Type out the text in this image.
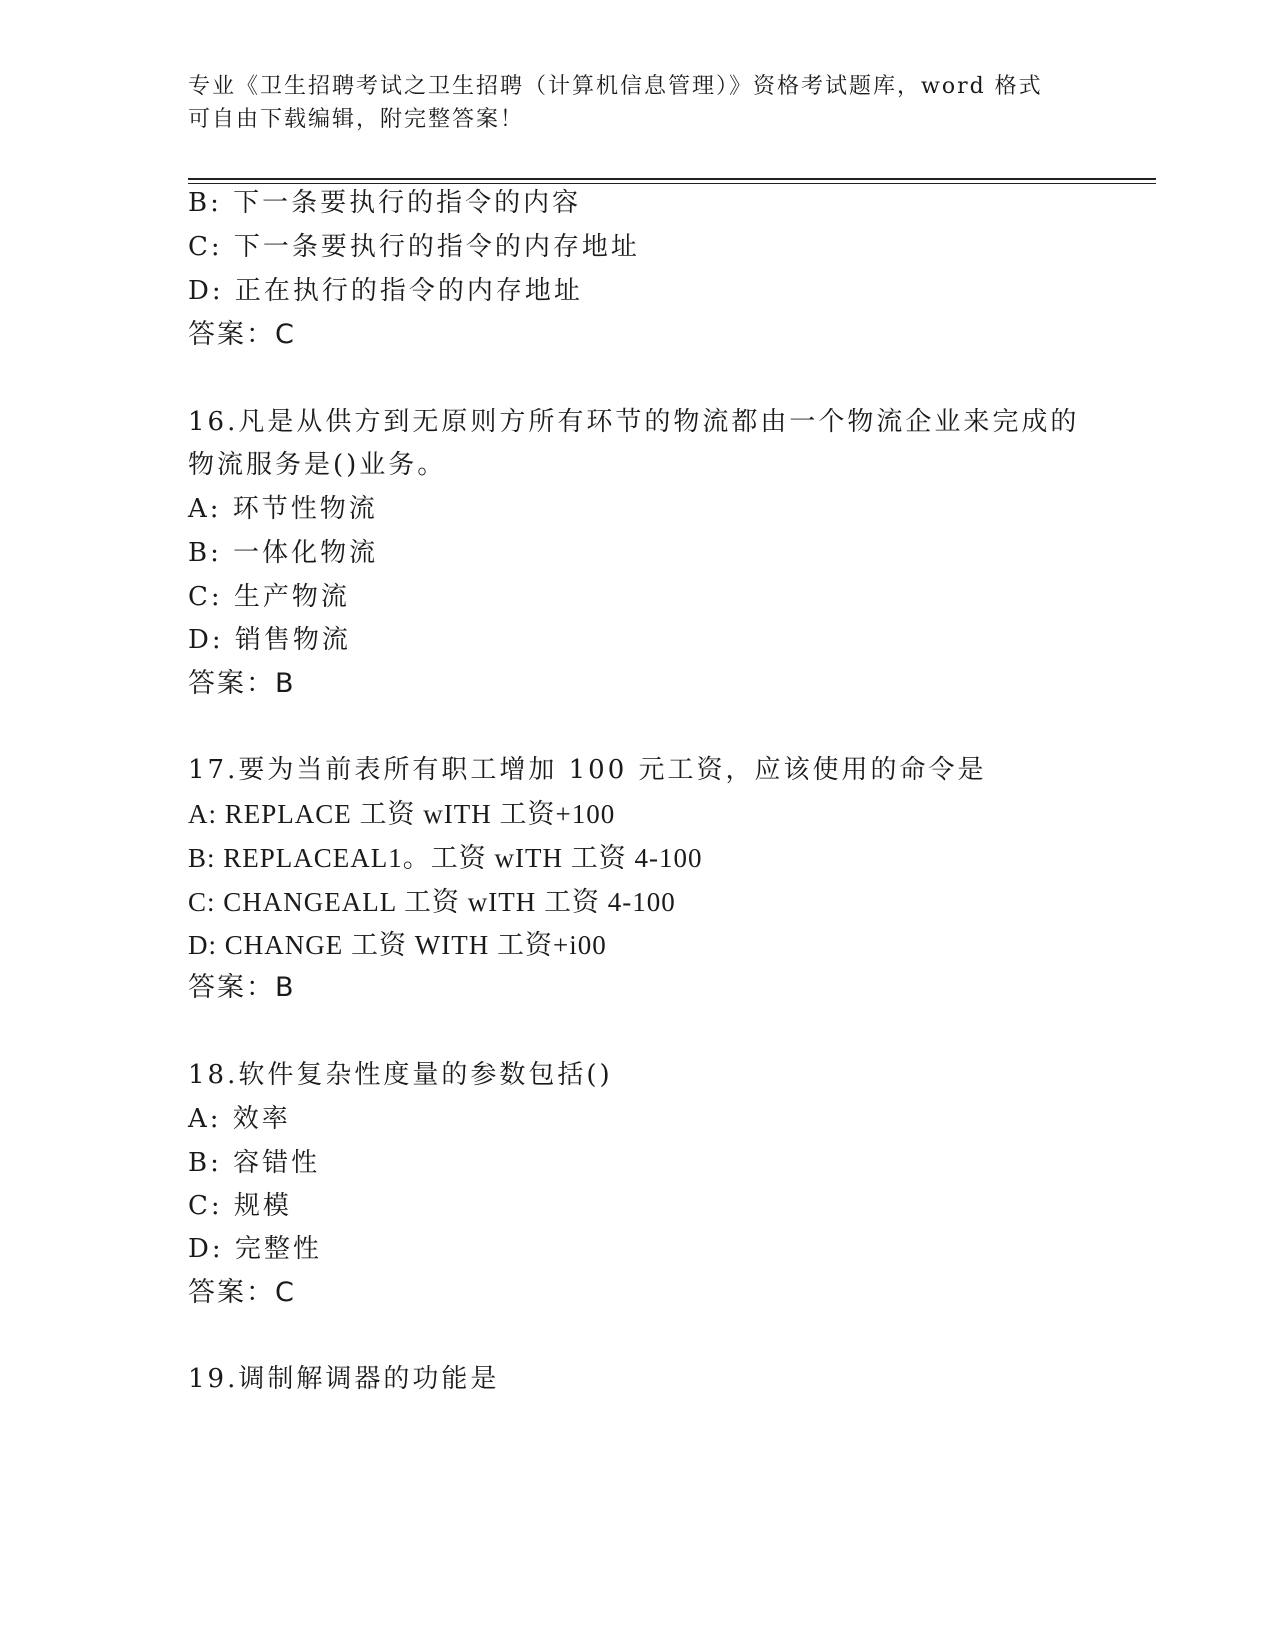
专业《卫生招聘考试之卫生招聘（计算机信息管理）》资格考试题库，word 格式
可自由下载编辑，附完整答案！
B: 下一条要执行的指令的内容
C: 下一条要执行的指令的内存地址
D: 正在执行的指令的内存地址
答案：C
16.凡是从供方到无原则方所有环节的物流都由一个物流企业来完成的
物流服务是()业务。
A: 环节性物流
B: 一体化物流
C: 生产物流
D: 销售物流
答案：B
17.要为当前表所有职工增加 100 元工资，应该使用的命令是
A: REPLACE 工资 wITH 工资+100
B: REPLACEAL1。工资 wITH 工资 4-100
C: CHANGEALL 工资 wITH 工资 4-100
D: CHANGE 工资 WITH 工资+i00
答案：B
18.软件复杂性度量的参数包括()
A: 效率
B: 容错性
C: 规模
D: 完整性
答案：C
19.调制解调器的功能是
